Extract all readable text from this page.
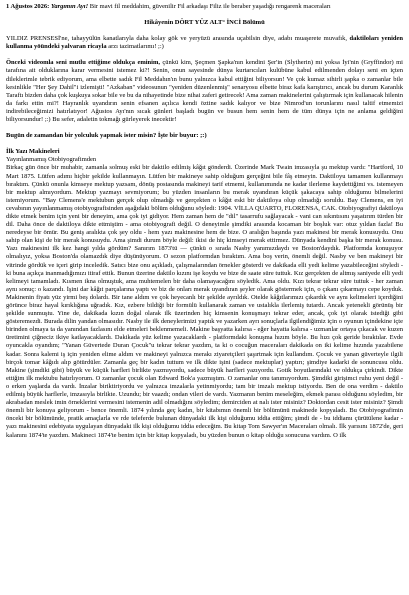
1 Ağustos 2026: Yargımın Ayı! Bir mavi fil meddahim, güvenilir Fil arkadaşı Filiz ile beraber yaşadığı rengarenk maceraları

Hikâyenin DÖRT YÜZ ALT° İNCİ Bölümü

YILDIZ PRENSESİ'ne, tahayyülün kanatlarıyla daha kolay gök ve yeryüzü arasında uçabilsin diye, adabı muaşerete muvafık, daktiloları yeniden kullanma yöündeki yalvaran ricayla arzı tazimatlarımı! ;:)

Önceki videomla seni mutlu ettiğime oldukça eminim, çünkü kim, Şeçmen Şapka'nın kendini Şer'in (Slytherin) mi yoksa İyi'nin (Gryffindor) mi tarafına ait olduklarına karar vermesini istemez ki?! Senin, onun sayesinde dünya kurtarıcıları kulübüne kabul edilmenden dolayı seni en içten dileklerimle tebrik ediyorum, ama elbette sadık Fil Meddahın'ın bunu yalnızca kabul ettiğini biliyorsun! Ve çok kumaz sihirli şapka o zamanlar bile kesinlikle "Her Şey Dahil"i izlemişti! "Azkaban" videosunun "yeniden düzenlenmiş" senaryosu elbette biraz kafa karıştırıcı, ancak bu durum Karanlık Taraftı bizden daha çok kuşkuya sokar bile ve bu da nihayetinde bize nihai zaferi getirecek! Ama zaman makinelerini çalıştırmak için kullanacak hilenin da farkı ettin mi?! Hayranlık uyandırın senin efsanen açılıca kendi öztine sadık kalıyor ve bize Nimrod'un torunlarını nasıl taltif etmemizi indirebileceğimizi hatırlatıyor! Ağustos Ayı'nın sıcak günleri başladı bugün ve busun hem senin hem de tüm dünya için ne anlama geldiğini biliyorsundur! ;:) Bu sefer, adaletin tokmağı gürleyerek inecektir!

Bugün de zamandan bir yolculuk yapmak ister misin? İşte bir buyur: ;:)

İlk Yazı Makineleri

Yayınlanmamış Otobiyografimden

Birkaç gün önce bir muhabir, zamanla solmuş eski bir daktilo edilmiş kâğıt gönderdi. Üzerinde Mark Twain imzasıyla şu mektup vardı: "Hartford, 10 Mart 1875. Lütfen adımı hiçbir şekilde kullanmayın. Lütfen bir makineye sahip olduğum gerçeğini bile fâş etmeyin. Daktiloyu tamamen kullanmayı bıraktım. Çünkü onunla kimseye mektup yazsam, dönüş postasında makineyi tarif etmemi, kullanımında ne kadar ilerleme kaydettiğimi vs. istemeyen bir mektup almıyordum. Mektup yazmayı sevmiyorum; bu yüzden insanların bu merak uyandıran küçük şakacaya sahip olduğumu bilmelerini istemiyorum. "Bay Clemens'e mektubun gerçek olup olmadığı ve gerçekten o kâğıt eski bir daktiloya olup olmadığı soruldu. Bay Clemens, en iyi cevabının yayınlanmamış otobiyografisinden aşağıdaki bölüm olduğunu söyledi: 1904. VİLLA QUARTO, FLORENSA, CAK. Otobiyografiyi daktiloya dikte etmek benim için yeni bir deneyim, ama çok iyi gidiyor. Hem zaman hem de "dil" tasarrufu sağlayacak - vani can sıkıntısını yaşatırım türden bir dil. Daha önce de daktiloya dikte ettmiştim - ama otobiyografi değil. O deneyimle şimdiki arasında kocaman bir boşluk var: otuz yıldan fazla! Bu neredeyse bir ömür. Bu geniş aralıkta çok şey oldu - hem yazı makinesine hem de bize. O aralığın başında yazı makinesi bir merak konusuydu. Onu sahip olan kişi de bir merak konusuydu. Ama şimdi durum böyle değil: ikisi de hiç kimseyi merak ettirmez. Dünyada kendini başka bir merak konusu. Yazı makinesini ilk kez hangi yılda gördüm? Sanırım 1873'tü — çünkü o sırada Nasby yanımızdaydı ve Boston'daydık. Platformda konuşuyor olmalıyız, yoksa Boston'da olamazdık diye düşünüyorum. O sezon platformdan bıraktım. Ama boş verin, önemli değil. Nasby ve ben makineyi bir vitrinde gördük ve içeri girip inceledik. Satıcı bize onu açıkladı, çalışmalarından örnekler gösterdi ve dakikada elli yedi kelime yazabileceğini söyledi - ki buna açıkça inanmadığımızı itiraf ettik. Bunun üzerine daktilo kızını işe koydu ve bize de saate süre tuttuk. Kız gerçekten de altmış saniyede elli yedi kelimeyi tamamladı. Kısmen ikna olmuştuk, ama muhtemelen bir daha olamayacağını söyledik. Ama oldu. Kızı tekrar tekrar süre tuttuk - her zaman aynı sonuç: o kazandı. İşini dar kâğıt parçalarına yaptı ve biz de onları merak uyandıran şeyler olarak göstermek için, o çıkanı çıkarmayı cepe koyduk. Makinenin fiyatı yüz yirmi beş dolardı. Bir tane aldım ve çok heyecanlı bir şekilde ayrıldık. Otelde kâğıtlarımızı çıkardık ve aynı kelimeleri içerdiğini görünce biraz hayal kırıklığına uğradık. Kız, ezbere bildiği bir formülü kullanarak zaman ve ustalıkla ilerlemiş tutardı. Ancak yetenekli görünüş bir şekilde sunmuştu. Yine de, dakikada kızın doğal olarak ilk üzerinden hiç kimsenin konuşmayı tekrar eder, ancak, çok iyi olarak istediği gibi gösteremezdi. Burada dilin yandan olmasıdır. Nasby ile ilk deneylerimizi yaptık ve yazarken ayrı sonuçlarla ilgilendiğimiz için o oyunun içindekine içte birinden olmaya ta da yanından fazlasını elde etmeleri beklenmemeli. Makine başyatta kalırsa - eğer hayatta kalırsa - uzmanlar ortaya çıkacak ve kuzen üretimini çiğneciz ikiye katlayacaklardı. Dakikada yüz kelime yazacaklardı - platformdaki konuşma hızım böyle. Bu hızı çok geride bıraktılar. Evde oyuncakla oyandım; "Yanan Güvertede Duran Çocuk"u tekrar tekrar yazdım, ta ki o cocuğun maceraları dakikada on iki kelime hızında yazabilene kadar. Sonra kalemi iş için yeniden elime aldım ve makineyi yalnızca merakı ziyaretçileri şaşırtmak için kullandım. Çocuk ve yanan güverteyle ilgili birçok tomar kâğıdı alıp götürdüler. Zamanla geç bir kadın tuttum ve ilk dikte işini (sadece mektuplar) yaptırı; şimdiye kadarki de sonuncusu oldu. Makine (şimdiki gibi) büyük ve küçük harfleri birlikte yazmıyordu, sadece büyük harfleri yazıyordu. Gotik boyutlarındaki ve oldukça çirkindi. Dikte ettiğim ilk mektubu hatırlıyorum. O zamanlar çocuk olan Edward Bok'a yazmıştım. O zamanlar onu tanımıyordum. Şimdiki girişimci ruhu yeni değil - o erken yaşlarda da vardı. İnzalar biriktiriyordu ve yalnızca imzalarla yetinmiyordu; tam bir imzalı mektup istiyordu. Ben de ona verdim - daktilo edilmiş büyük harflerle, imzasıyla birlikte. Uzundu; bir vaazdı; ondan vileri de vardı. Yazmanın benim meseleğim, ekmek parası olduğunu söyledim, bir akrabadan meslek imin örneklerini vermesini istemenin adil olmadığını söyledim; demirciden at nalı ister misiniz? Doktordan cesit ister misiniz? Şimdi önemli bir konuya geliyorum - bence önemli. 1874 yılında geç kadın, bir kitabımın önemli bir bölümünü makinede kopyaladı. Bu Otobiyografimin önceki bir bölümünde, pratik amaçlarla ve rde teleferde bulunan dünyadaki ilk kişi olduğumu iddia ettiğim; şimdi de - bu iddiamı çürütülene kadar - yazı makinesini edebiyata uygulayan dünyadaki ilk kişi olduğumu iddia edeceğim. Bu kitap Tom Sawyer'ın Maceraları olmalı. İlk yarısını 1872'de, geri kalanını 1874'te yazdım. Makineci 1874'te benim için bir kitap kopyaladı, bu yüzden bunun o kitap olduğu sonucuna vardım. O ilk
